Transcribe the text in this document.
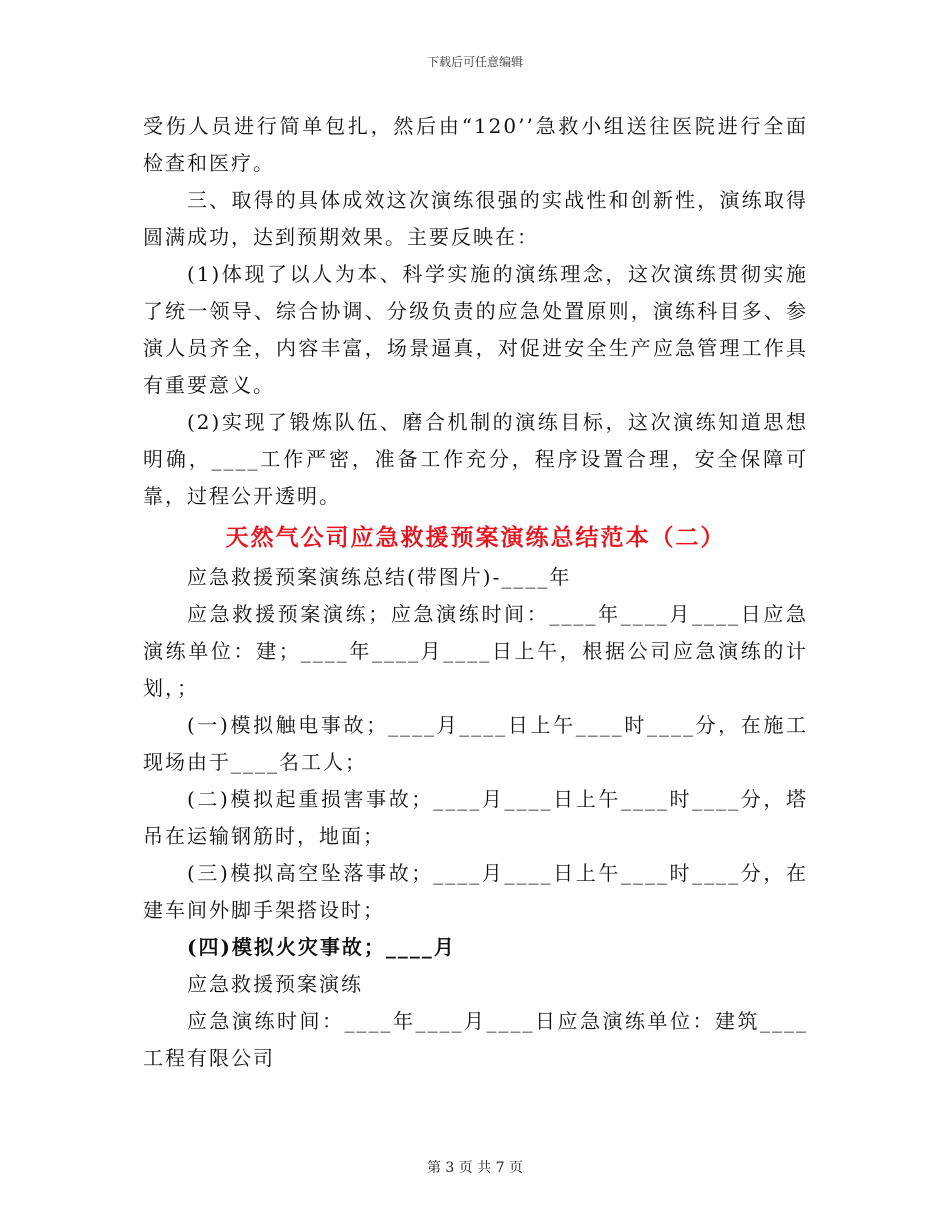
下载后可任意编辑

受伤人员进行简单包扎，然后由“120’’急救小组送往医院进行全面检查和医疗。

三、取得的具体成效这次演练很强的实战性和创新性，演练取得圆满成功，达到预期效果。主要反映在：

(1)体现了以人为本、科学实施的演练理念，这次演练贯彻实施了统一领导、综合协调、分级负责的应急处置原则，演练科目多、参演人员齐全，内容丰富，场景逼真，对促进安全生产应急管理工作具有重要意义。

(2)实现了锻炼队伍、磨合机制的演练目标，这次演练知道思想明确，____工作严密，准备工作充分，程序设置合理，安全保障可靠，过程公开透明。

天然气公司应急救援预案演练总结范本（二）

应急救援预案演练总结(带图片)-____年

应急救援预案演练；应急演练时间：____年____月____日应急演练单位：建；____年____月____日上午，根据公司应急演练的计划，；

(一)模拟触电事故；____月____日上午____时____分，在施工现场由于____名工人；

(二)模拟起重损害事故；____月____日上午____时____分，塔吊在运输钢筋时，地面；

(三)模拟高空坠落事故；____月____日上午____时____分，在建车间外脚手架搭设时；

(四)模拟火灾事故；____月

应急救援预案演练

应急演练时间：____年____月____日应急演练单位：建筑____工程有限公司

第 3 页 共 7 页
